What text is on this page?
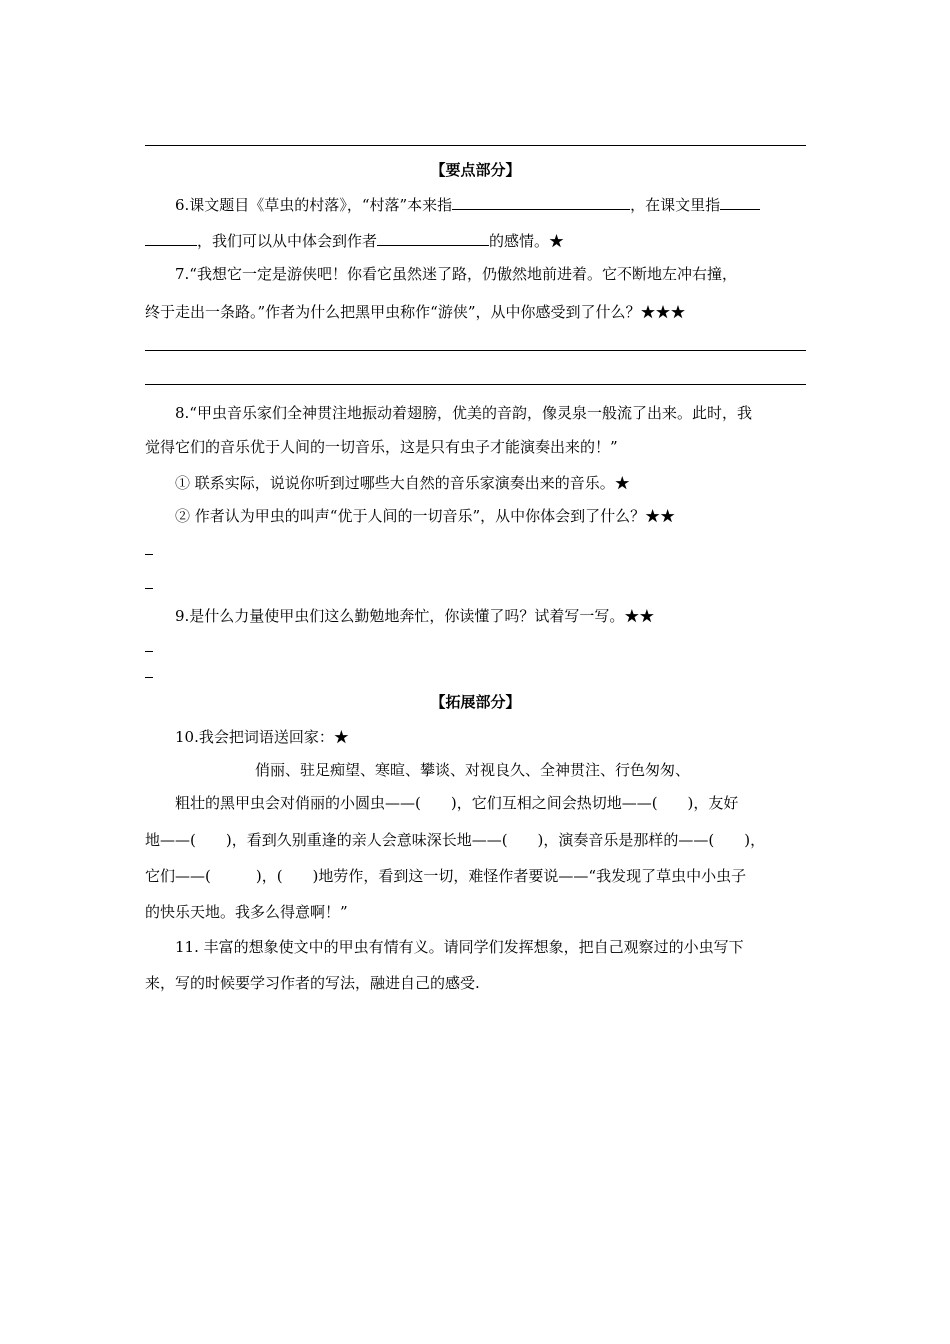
【要点部分】
6.课文题目《草虫的村落》，“村落”本来指	，在课文里指
，我们可以从中体会到作者	的感情。★
7.“我想它一定是游侠吧！你看它虽然迷了路，仍傲然地前进着。它不断地左冲右撞，
终于走出一条路。”作者为什么把黑甲虫称作“游侠”，从中你感受到了什么？★★★
8.“甲虫音乐家们全神贯注地振动着翅膀，优美的音韵，像灵泉一般流了出来。此时，我
觉得它们的音乐优于人间的一切音乐，这是只有虫子才能演奏出来的！”
① 联系实际，说说你听到过哪些大自然的音乐家演奏出来的音乐。★
② 作者认为甲虫的叫声“优于人间的一切音乐”，从中你体会到了什么？★★
9.是什么力量使甲虫们这么勤勉地奔忙，你读懂了吗？试着写一写。★★
【拓展部分】
10.我会把词语送回家：★
俏丽、驻足痴望、寒暄、攀谈、对视良久、全神贯注、行色匆匆、
粗壮的黑甲虫会对俏丽的小圆虫——(　　)，它们互相之间会热切地——(　　)，友好
地——(　　)，看到久别重逢的亲人会意味深长地——(　　)，演奏音乐是那样的——(　　)，
它们——(　　　)，(　　)地劳作，看到这一切，难怪作者要说——“我发现了草虫中小虫子
的快乐天地。我多么得意啊！”
11. 丰富的想象使文中的甲虫有情有义。请同学们发挥想象，把自己观察过的小虫写下
来，写的时候要学习作者的写法，融进自己的感受.
